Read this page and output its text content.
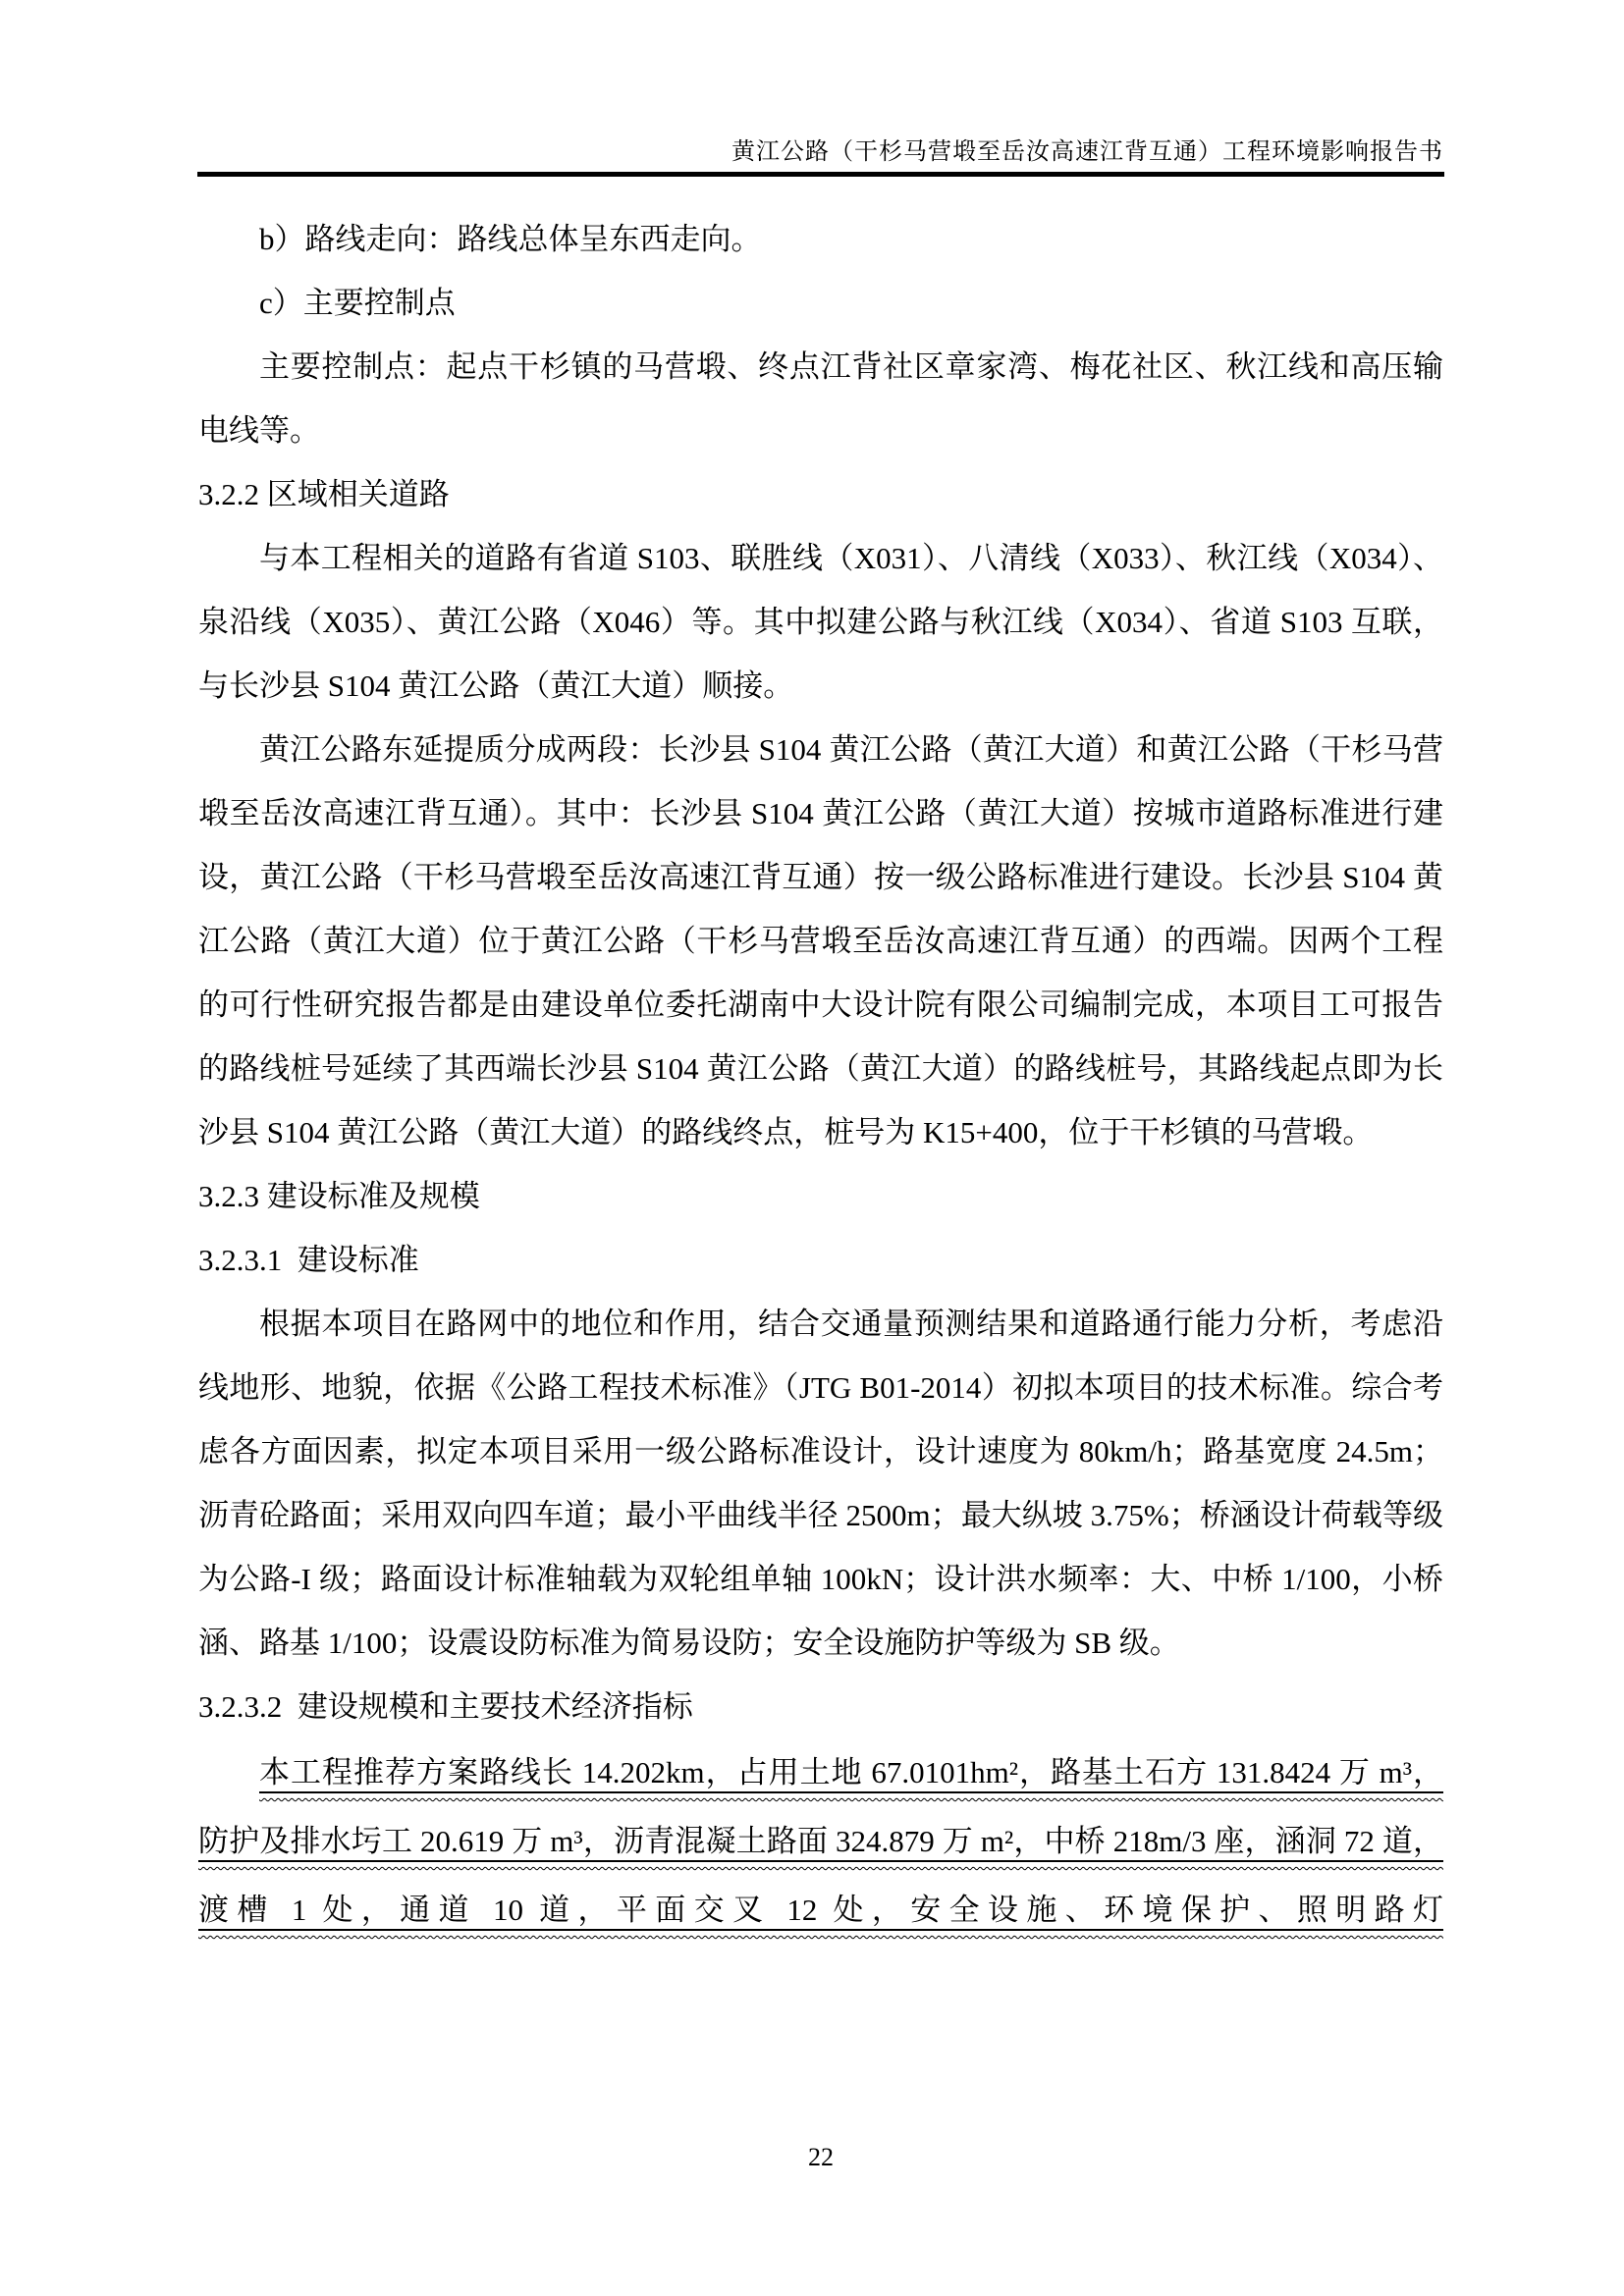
黄江公路（干杉马营塅至岳汝高速江背互通）工程环境影响报告书

b）路线走向：路线总体呈东西走向。

c）主要控制点

主要控制点：起点干杉镇的马营塅、终点江背社区章家湾、梅花社区、秋江线和高压输电线等。

3.2.2 区域相关道路

与本工程相关的道路有省道 S103、联胜线（X031）、八清线（X033）、秋江线（X034）、泉沿线（X035）、黄江公路（X046）等。其中拟建公路与秋江线（X034）、省道 S103 互联，与长沙县 S104 黄江公路（黄江大道）顺接。

黄江公路东延提质分成两段：长沙县 S104 黄江公路（黄江大道）和黄江公路（干杉马营塅至岳汝高速江背互通）。其中：长沙县 S104 黄江公路（黄江大道）按城市道路标准进行建设，黄江公路（干杉马营塅至岳汝高速江背互通）按一级公路标准进行建设。长沙县 S104 黄江公路（黄江大道）位于黄江公路（干杉马营塅至岳汝高速江背互通）的西端。因两个工程的可行性研究报告都是由建设单位委托湖南中大设计院有限公司编制完成，本项目工可报告的路线桩号延续了其西端长沙县 S104 黄江公路（黄江大道）的路线桩号，其路线起点即为长沙县 S104 黄江公路（黄江大道）的路线终点，桩号为 K15+400，位于干杉镇的马营塅。

3.2.3 建设标准及规模

3.2.3.1  建设标准

根据本项目在路网中的地位和作用，结合交通量预测结果和道路通行能力分析，考虑沿线地形、地貌，依据《公路工程技术标准》（JTG B01-2014）初拟本项目的技术标准。综合考虑各方面因素，拟定本项目采用一级公路标准设计，设计速度为 80km/h；路基宽度 24.5m；沥青砼路面；采用双向四车道；最小平曲线半径 2500m；最大纵坡 3.75%；桥涵设计荷载等级为公路-I 级；路面设计标准轴载为双轮组单轴 100kN；设计洪水频率：大、中桥 1/100，小桥涵、路基 1/100；设震设防标准为简易设防；安全设施防护等级为 SB 级。

3.2.3.2  建设规模和主要技术经济指标

本工程推荐方案路线长 14.202km，占用土地 67.0101hm²，路基土石方 131.8424 万 m³，防护及排水圬工 20.619 万 m³，沥青混凝土路面 324.879 万 m²，中桥 218m/3 座，涵洞 72 道，渡槽 1 处，通道 10 道，平面交叉 12 处，安全设施、环境保护、照明路灯

22
